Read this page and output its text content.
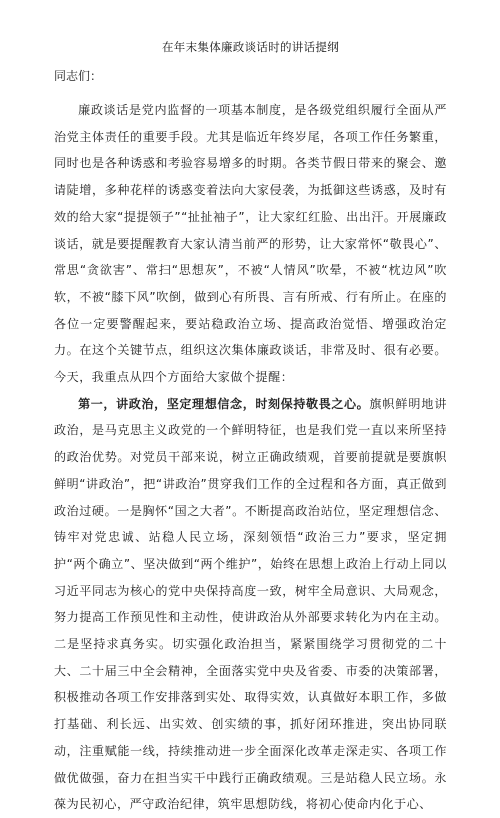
在年末集体廉政谈话时的讲话提纲
同志们：

廉政谈话是党内监督的一项基本制度，是各级党组织履行全面从严治党主体责任的重要手段。尤其是临近年终岁尾，各项工作任务繁重，同时也是各种诱惑和考验容易增多的时期。各类节假日带来的聚会、邀请陡增，多种花样的诱惑变着法向大家侵袭，为抵御这些诱惑，及时有效的给大家“提提领子”“扯扯袖子”，让大家红红脸、出出汗。开展廉政谈话，就是要提醒教育大家认清当前严的形势，让大家常怀“敬畏心”、常思“贪欲害”、常扫“思想灰”，不被“人情风”吹晕，不被“枕边风”吹软，不被“膝下风”吹倒，做到心有所畏、言有所戒、行有所止。在座的各位一定要警醒起来，要站稳政治立场、提高政治觉悟、增强政治定力。在这个关键节点，组织这次集体廉政谈话，非常及时、很有必要。今天，我重点从四个方面给大家做个提醒：

第一，讲政治，坚定理想信念，时刻保持敬畏之心。旗帜鲜明地讲政治，是马克思主义政党的一个鲜明特征，也是我们党一直以来所坚持的政治优势。对党员干部来说，树立正确政绩观，首要前提就是要旗帜鲜明“讲政治”，把“讲政治”贯穿我们工作的全过程和各方面，真正做到政治过硬。一是胸怀“国之大者”。不断提高政治站位，坚定理想信念、铸牢对党忠诚、站稳人民立场，深刻领悟“政治三力”要求，坚定拥护“两个确立”、坚决做到“两个维护”，始终在思想上政治上行动上同以习近平同志为核心的党中央保持高度一致，树牢全局意识、大局观念，努力提高工作预见性和主动性，使讲政治从外部要求转化为内在主动。二是坚持求真务实。切实强化政治担当，紧紧围绕学习贯彻党的二十大、二十届三中全会精神，全面落实党中央及省委、市委的决策部署，积极推动各项工作安排落到实处、取得实效，认真做好本职工作，多做打基础、利长远、出实效、创实绩的事，抓好闭环推进，突出协同联动，注重赋能一线，持续推动进一步全面深化改革走深走实、各项工作做优做强，奋力在担当实干中践行正确政绩观。三是站稳人民立场。永葆为民初心，严守政治纪律，筑牢思想防线，将初心使命内化于心、
